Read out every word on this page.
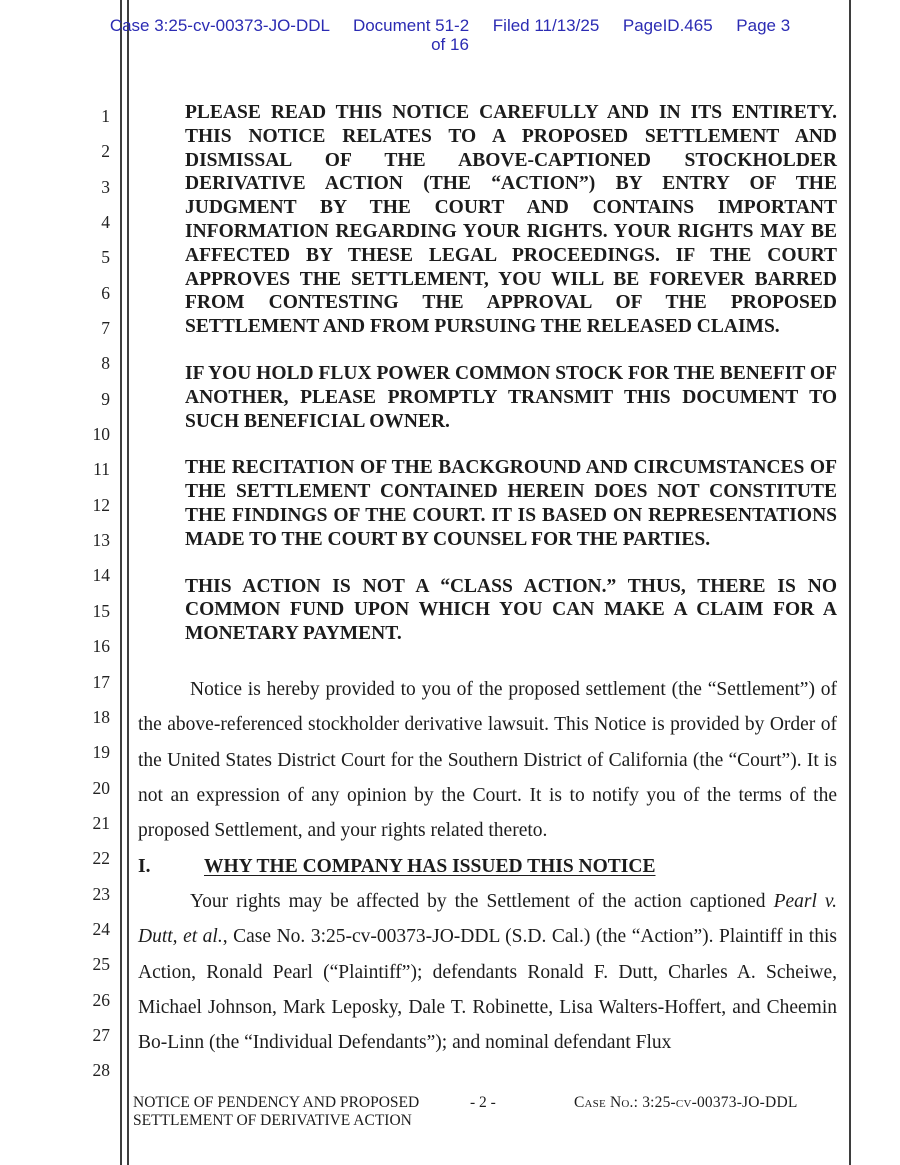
Case 3:25-cv-00373-JO-DDL     Document 51-2     Filed 11/13/25     PageID.465     Page 3
of 16
1
2
3
4
5
6
7
8
9
10
11
12
13
14
15
16
17
18
19
20
21
22
23
24
25
26
27
28

PLEASE READ THIS NOTICE CAREFULLY AND IN ITS ENTIRETY. THIS NOTICE RELATES TO A PROPOSED SETTLEMENT AND DISMISSAL OF THE ABOVE-CAPTIONED STOCKHOLDER DERIVATIVE ACTION (THE “ACTION”) BY ENTRY OF THE JUDGMENT BY THE COURT AND CONTAINS IMPORTANT INFORMATION REGARDING YOUR RIGHTS. YOUR RIGHTS MAY BE AFFECTED BY THESE LEGAL PROCEEDINGS. IF THE COURT APPROVES THE SETTLEMENT, YOU WILL BE FOREVER BARRED FROM CONTESTING THE APPROVAL OF THE PROPOSED SETTLEMENT AND FROM PURSUING THE RELEASED CLAIMS.

IF YOU HOLD FLUX POWER COMMON STOCK FOR THE BENEFIT OF ANOTHER, PLEASE PROMPTLY TRANSMIT THIS DOCUMENT TO SUCH BENEFICIAL OWNER.

THE RECITATION OF THE BACKGROUND AND CIRCUMSTANCES OF THE SETTLEMENT CONTAINED HEREIN DOES NOT CONSTITUTE THE FINDINGS OF THE COURT. IT IS BASED ON REPRESENTATIONS MADE TO THE COURT BY COUNSEL FOR THE PARTIES.

THIS ACTION IS NOT A “CLASS ACTION.” THUS, THERE IS NO COMMON FUND UPON WHICH YOU CAN MAKE A CLAIM FOR A MONETARY PAYMENT.

Notice is hereby provided to you of the proposed settlement (the “Settlement”) of the above-referenced stockholder derivative lawsuit. This Notice is provided by Order of the United States District Court for the Southern District of California (the “Court”). It is not an expression of any opinion by the Court. It is to notify you of the terms of the proposed Settlement, and your rights related thereto.

I.	WHY THE COMPANY HAS ISSUED THIS NOTICE

Your rights may be affected by the Settlement of the action captioned Pearl v. Dutt, et al., Case No. 3:25-cv-00373-JO-DDL (S.D. Cal.) (the “Action”). Plaintiff in this Action, Ronald Pearl (“Plaintiff”); defendants Ronald F. Dutt, Charles A. Scheiwe, Michael Johnson, Mark Leposky, Dale T. Robinette, Lisa Walters-Hoffert, and Cheemin Bo-Linn (the “Individual Defendants”); and nominal defendant Flux

NOTICE OF PENDENCY AND PROPOSED
SETTLEMENT OF DERIVATIVE ACTION
- 2 -	Case No.: 3:25-cv-00373-JO-DDL
